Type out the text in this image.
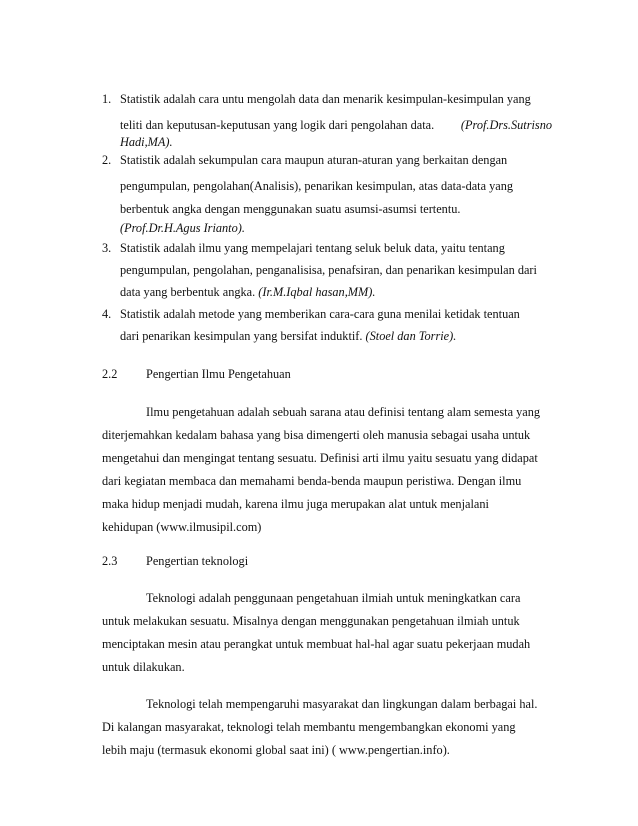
1. Statistik adalah cara untu mengolah data dan menarik kesimpulan-kesimpulan yang
teliti dan keputusan-keputusan yang logik dari pengolahan data. (Prof.Drs.Sutrisno
Hadi,MA).
2. Statistik adalah sekumpulan cara maupun aturan-aturan yang berkaitan dengan
pengumpulan, pengolahan(Analisis), penarikan kesimpulan, atas data-data yang
berbentuk angka dengan menggunakan suatu asumsi-asumsi tertentu.
(Prof.Dr.H.Agus Irianto).
3. Statistik adalah ilmu yang mempelajari tentang seluk beluk data, yaitu tentang
pengumpulan, pengolahan, penganalisisa, penafsiran, dan penarikan kesimpulan dari
data yang berbentuk angka. (Ir.M.Iqbal hasan,MM).
4. Statistik adalah metode yang memberikan cara-cara guna menilai ketidak tentuan
dari penarikan kesimpulan yang bersifat induktif. (Stoel dan Torrie).
2.2 Pengertian Ilmu Pengetahuan
Ilmu pengetahuan adalah sebuah sarana atau definisi tentang alam semesta yang
diterjemahkan kedalam bahasa yang bisa dimengerti oleh manusia sebagai usaha untuk
mengetahui dan mengingat tentang sesuatu. Definisi arti ilmu yaitu sesuatu yang didapat
dari kegiatan membaca dan memahami benda-benda maupun peristiwa. Dengan ilmu
maka hidup menjadi mudah, karena ilmu juga merupakan alat untuk menjalani
kehidupan (www.ilmusipil.com)
2.3 Pengertian teknologi
Teknologi adalah penggunaan pengetahuan ilmiah untuk meningkatkan cara
untuk melakukan sesuatu. Misalnya dengan menggunakan pengetahuan ilmiah untuk
menciptakan mesin atau perangkat untuk membuat hal-hal agar suatu pekerjaan mudah
untuk dilakukan.
Teknologi telah mempengaruhi masyarakat dan lingkungan dalam berbagai hal.
Di kalangan masyarakat, teknologi telah membantu mengembangkan ekonomi yang
lebih maju (termasuk ekonomi global saat ini) ( www.pengertian.info).
